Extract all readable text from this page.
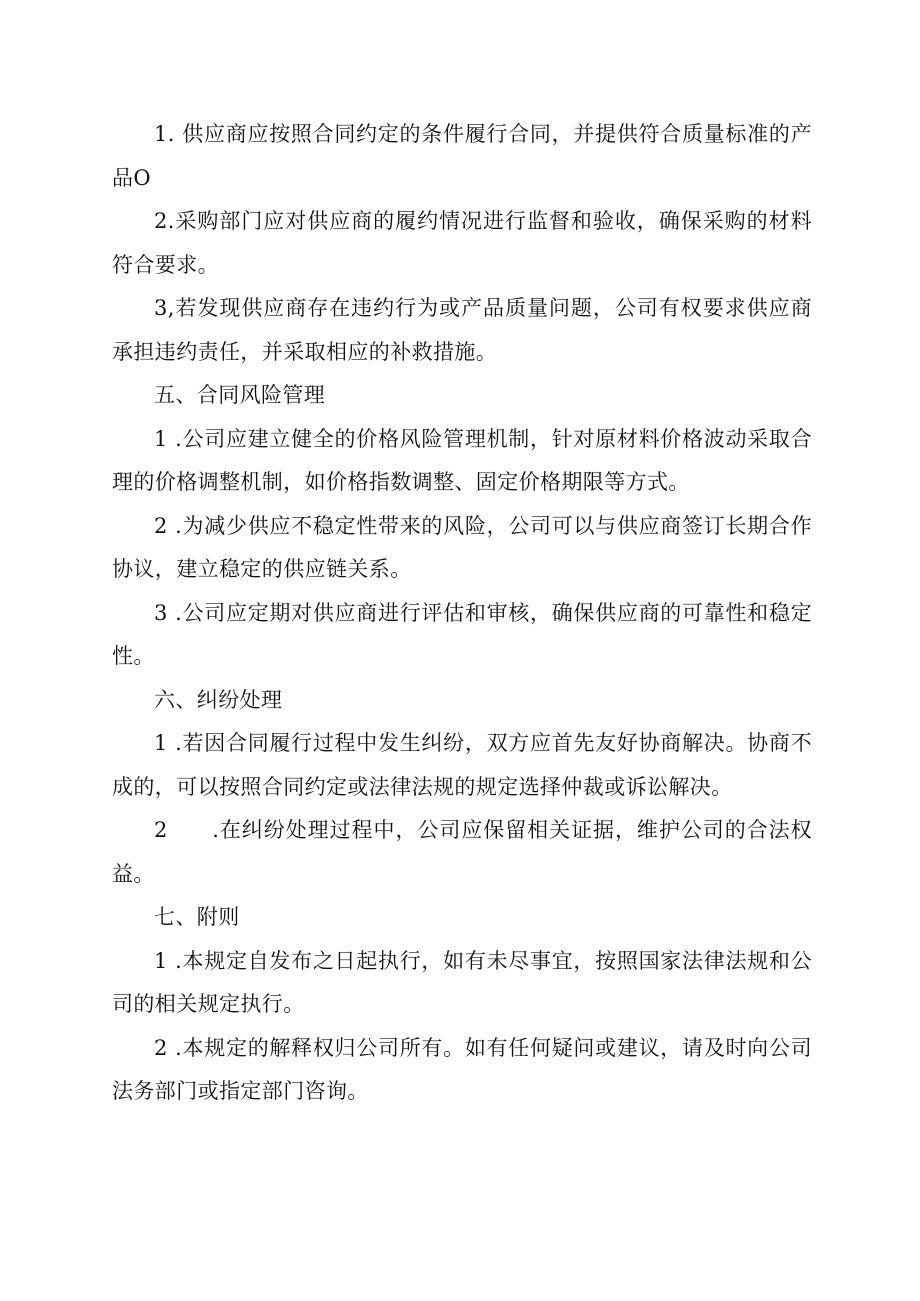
1. 供应商应按照合同约定的条件履行合同，并提供符合质量标准的产品O

2.采购部门应对供应商的履约情况进行监督和验收，确保采购的材料符合要求。

3,若发现供应商存在违约行为或产品质量问题，公司有权要求供应商承担违约责任，并采取相应的补救措施。

五、合同风险管理

1 .公司应建立健全的价格风险管理机制，针对原材料价格波动采取合理的价格调整机制，如价格指数调整、固定价格期限等方式。

2 .为减少供应不稳定性带来的风险，公司可以与供应商签订长期合作协议，建立稳定的供应链关系。

3 .公司应定期对供应商进行评估和审核，确保供应商的可靠性和稳定性。

六、纠纷处理

1 .若因合同履行过程中发生纠纷，双方应首先友好协商解决。协商不成的，可以按照合同约定或法律法规的规定选择仲裁或诉讼解决。

2　　.在纠纷处理过程中，公司应保留相关证据，维护公司的合法权益。

七、附则

1 .本规定自发布之日起执行，如有未尽事宜，按照国家法律法规和公司的相关规定执行。

2 .本规定的解释权归公司所有。如有任何疑问或建议，请及时向公司法务部门或指定部门咨询。
